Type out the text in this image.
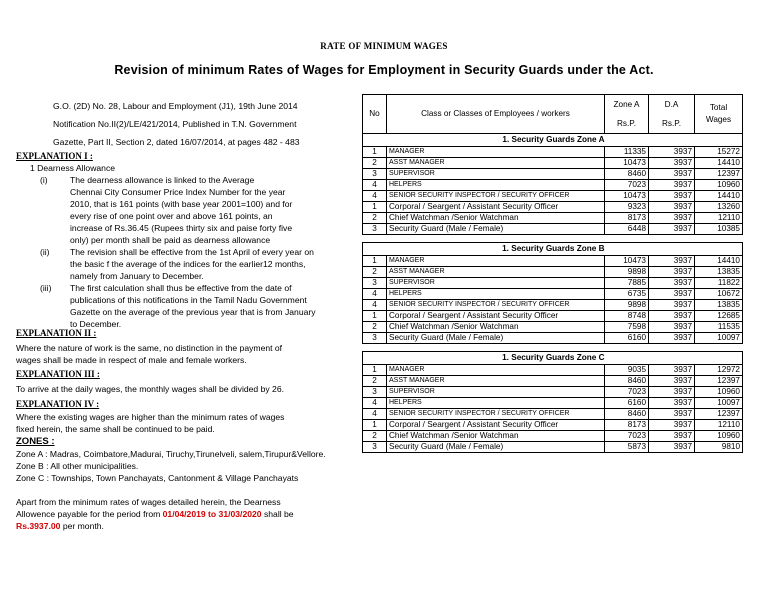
RATE OF MINIMUM WAGES
Revision of minimum Rates of Wages for Employment in Security Guards under the Act.

G.O. (2D) No. 28, Labour and Employment (J1), 19th June 2014

Notification No.II(2)/LE/421/2014, Published in T.N. Government

Gazette, Part II, Section 2, dated 16/07/2014, at pages 482 - 483

EXPLANATION I :

1 Dearness Allowance

(i)	The dearness allowance is linked to the Average

Chennai City Consumer Price Index Number for the year

2010, that is 161 points (with base year 2001=100) and for

every rise of one point over and above 161 points, an

increase of Rs.36.45 (Rupees thirty six and paise forty five

only) per month shall be paid as dearness allowance

(ii)	The revision shall be effective from the 1st April of every year on

the basic f the average of the indices for the earlier12 months,

namely from January to December.

(iii)	The first calculation shall thus be effective from the date of

publications of this notifications in the Tamil Nadu Government

Gazette on the average of the previous year that is from January

to December.

EXPLANATION II :

Where the nature of work is the same, no distinction in the payment of

wages shall be made in respect of male and female workers.

EXPLANATION III :

To arrive at the daily wages, the monthly wages shall be divided by 26.

EXPLANATION IV :

Where the existing wages are higher than the minimum rates of wages

fixed herein, the same shall be continued to be paid.

ZONES :

Zone A : Madras, Coimbatore,Madurai, Tiruchy,Tirunelveli, salem,Tirupur&Vellore.

Zone B : All other municipalities.

Zone C : Townships, Town Panchayats, Cantonment & Village Panchayats

Apart from the minimum rates of wages detailed herein, the Dearness

Allowence payable for the period from 01/04/2019 to 31/03/2020 shall be

Rs.3937.00 per month.

No	Class or Classes of Employees / workers	Zone A	D.A	Total Wages
		Rs.P.	Rs.P.	
1. Security Guards Zone A				
1	MANAGER	11335	3937	15272
2	ASST MANAGER	10473	3937	14410
3	SUPERVISOR	8460	3937	12397
4	HELPERS	7023	3937	10960
4	SENIOR SECURITY INSPECTOR / SECURITY OFFICER	10473	3937	14410
1	Corporal / Seargent / Assistant Security Officer	9323	3937	13260
2	Chief Watchman /Senior Watchman	8173	3937	12110
3	Security Guard (Male / Female)	6448	3937	10385

1. Security Guards Zone B				
1	MANAGER	10473	3937	14410
2	ASST MANAGER	9898	3937	13835
3	SUPERVISOR	7885	3937	11822
4	HELPERS	6735	3937	10672
4	SENIOR SECURITY INSPECTOR / SECURITY OFFICER	9898	3937	13835
1	Corporal / Seargent / Assistant Security Officer	8748	3937	12685
2	Chief Watchman /Senior Watchman	7598	3937	11535
3	Security Guard (Male / Female)	6160	3937	10097

1. Security Guards Zone C				
1	MANAGER	9035	3937	12972
2	ASST MANAGER	8460	3937	12397
3	SUPERVISOR	7023	3937	10960
4	HELPERS	6160	3937	10097
4	SENIOR SECURITY INSPECTOR / SECURITY OFFICER	8460	3937	12397
1	Corporal / Seargent / Assistant Security Officer	8173	3937	12110
2	Chief Watchman /Senior Watchman	7023	3937	10960
3	Security Guard (Male / Female)	5873	3937	9810
